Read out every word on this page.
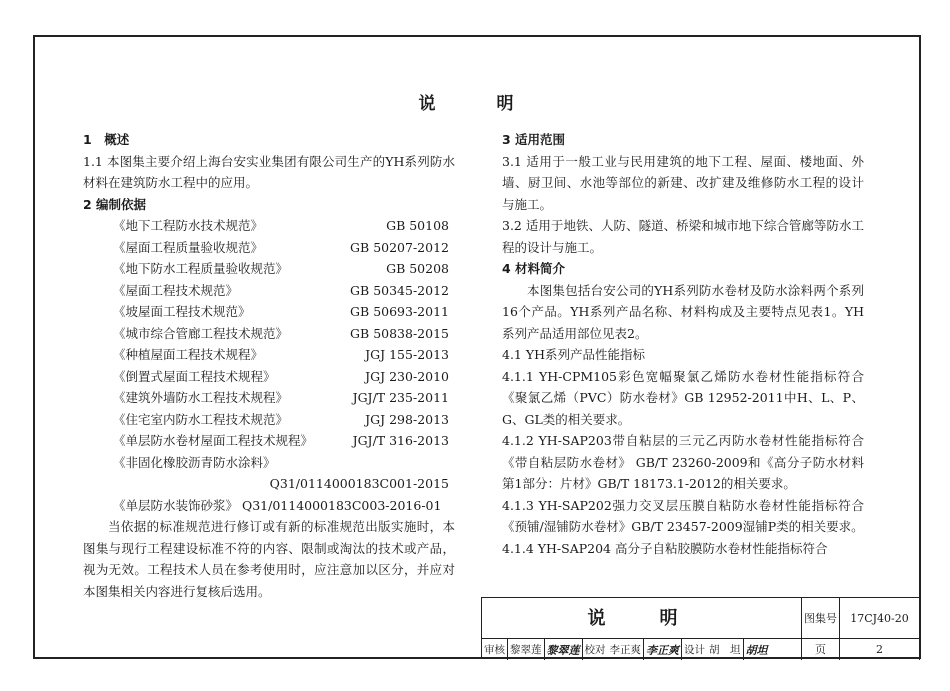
说　明
1　概述

1.1 本图集主要介绍上海台安实业集团有限公司生产的YH系列防水材料在建筑防水工程中的应用。

2 编制依据
《地下工程防水技术规范》	GB 50108
《屋面工程质量验收规范》	GB 50207-2012
《地下防水工程质量验收规范》	GB 50208
《屋面工程技术规范》	GB 50345-2012
《坡屋面工程技术规范》	GB 50693-2011
《城市综合管廊工程技术规范》	GB 50838-2015
《种植屋面工程技术规程》	JGJ 155-2013
《倒置式屋面工程技术规程》	JGJ 230-2010
《建筑外墙防水工程技术规程》	JGJ/T 235-2011
《住宅室内防水工程技术规范》	JGJ 298-2013
《单层防水卷材屋面工程技术规程》	JGJ/T 316-2013
《非固化橡胶沥青防水涂料》
Q31/0114000183C001-2015
《单层防水装饰砂浆》 Q31/0114000183C003-2016-01

当依据的标准规范进行修订或有新的标准规范出版实施时，本图集与现行工程建设标准不符的内容、限制或淘汰的技术或产品，视为无效。工程技术人员在参考使用时，应注意加以区分，并应对本图集相关内容进行复核后选用。

3 适用范围

3.1 适用于一般工业与民用建筑的地下工程、屋面、楼地面、外墙、厨卫间、水池等部位的新建、改扩建及维修防水工程的设计与施工。

3.2 适用于地铁、人防、隧道、桥梁和城市地下综合管廊等防水工程的设计与施工。

4 材料简介

本图集包括台安公司的YH系列防水卷材及防水涂料两个系列16个产品。YH系列产品名称、材料构成及主要特点见表1。YH系列产品适用部位见表2。

4.1 YH系列产品性能指标

4.1.1 YH-CPM105彩色宽幅聚氯乙烯防水卷材性能指标符合《聚氯乙烯（PVC）防水卷材》GB 12952-2011中H、L、P、G、GL类的相关要求。

4.1.2 YH-SAP203带自粘层的三元乙丙防水卷材性能指标符合《带自粘层防水卷材》 GB/T 23260-2009和《高分子防水材料 第1部分：片材》GB/T 18173.1-2012的相关要求。

4.1.3 YH-SAP202强力交叉层压膜自粘防水卷材性能指标符合《预铺/湿铺防水卷材》GB/T 23457-2009湿铺P类的相关要求。

4.1.4 YH-SAP204 高分子自粘胶膜防水卷材性能指标符合

说　明	图集号	17CJ40-20
页	2
审核 黎翠莲 黎翠莲 校对 李正爽 李正爽 设计 胡　坦 胡坦
